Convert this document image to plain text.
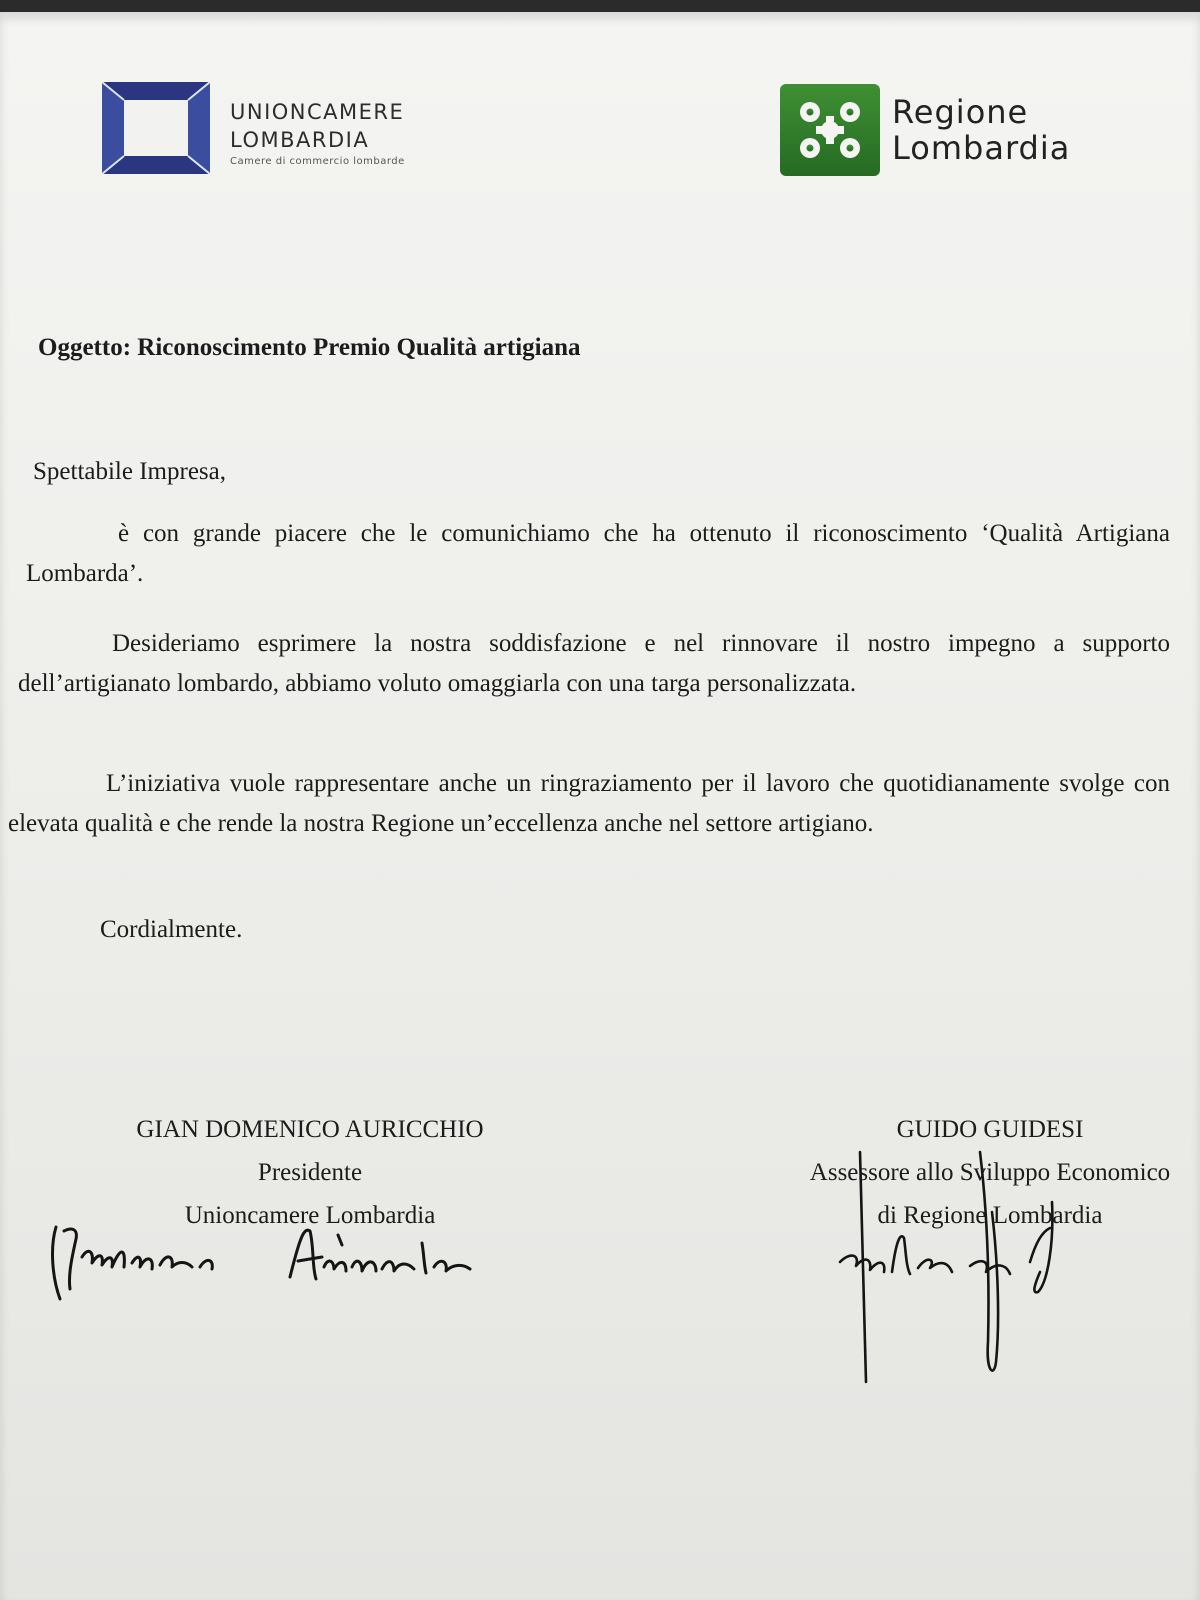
UNIONCAMERE
LOMBARDIA
Camere di commercio lombarde
Regione
Lombardia

Oggetto: Riconoscimento Premio Qualità artigiana

Spettabile Impresa,

è con grande piacere che le comunichiamo che ha ottenuto il riconoscimento ‘Qualità Artigiana Lombarda’.

Desideriamo esprimere la nostra soddisfazione e nel rinnovare il nostro impegno a supporto dell’artigianato lombardo, abbiamo voluto omaggiarla con una targa personalizzata.

L’iniziativa vuole rappresentare anche un ringraziamento per il lavoro che quotidianamente svolge con elevata qualità e che rende la nostra Regione un’eccellenza anche nel settore artigiano.

Cordialmente.

GIAN DOMENICO AURICCHIO
Presidente
Unioncamere Lombardia
GUIDO GUIDESI
Assessore allo Sviluppo Economico
di Regione Lombardia
